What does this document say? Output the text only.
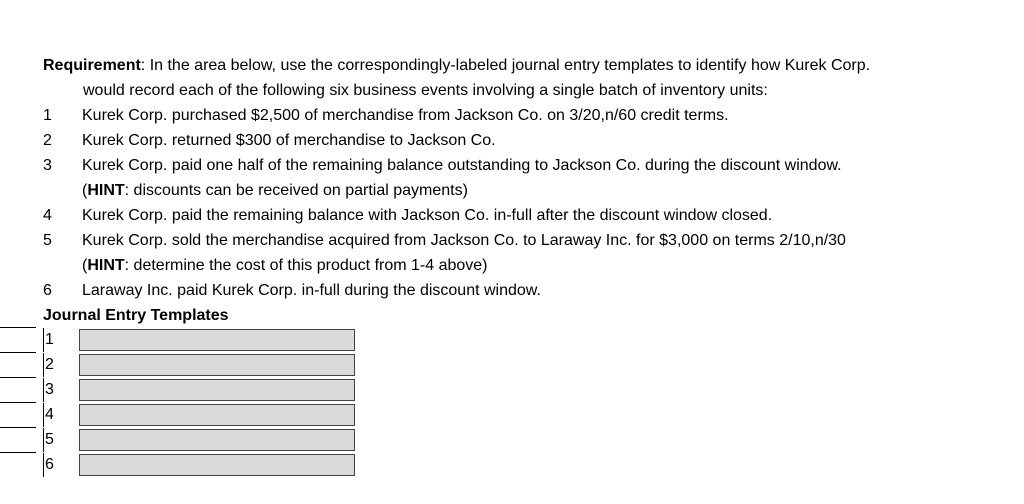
Requirement: In the area below, use the correspondingly-labeled journal entry templates to identify how Kurek Corp.
would record each of the following six business events involving a single batch of inventory units:
1 Kurek Corp. purchased $2,500 of merchandise from Jackson Co. on 3/20,n/60 credit terms.
2 Kurek Corp. returned $300 of merchandise to Jackson Co.
3 Kurek Corp. paid one half of the remaining balance outstanding to Jackson Co. during the discount window.
(HINT: discounts can be received on partial payments)
4 Kurek Corp. paid the remaining balance with Jackson Co. in-full after the discount window closed.
5 Kurek Corp. sold the merchandise acquired from Jackson Co. to Laraway Inc. for $3,000 on terms 2/10,n/30
(HINT: determine the cost of this product from 1-4 above)
6 Laraway Inc. paid Kurek Corp. in-full during the discount window.
Journal Entry Templates
1
2
3
4
5
6
